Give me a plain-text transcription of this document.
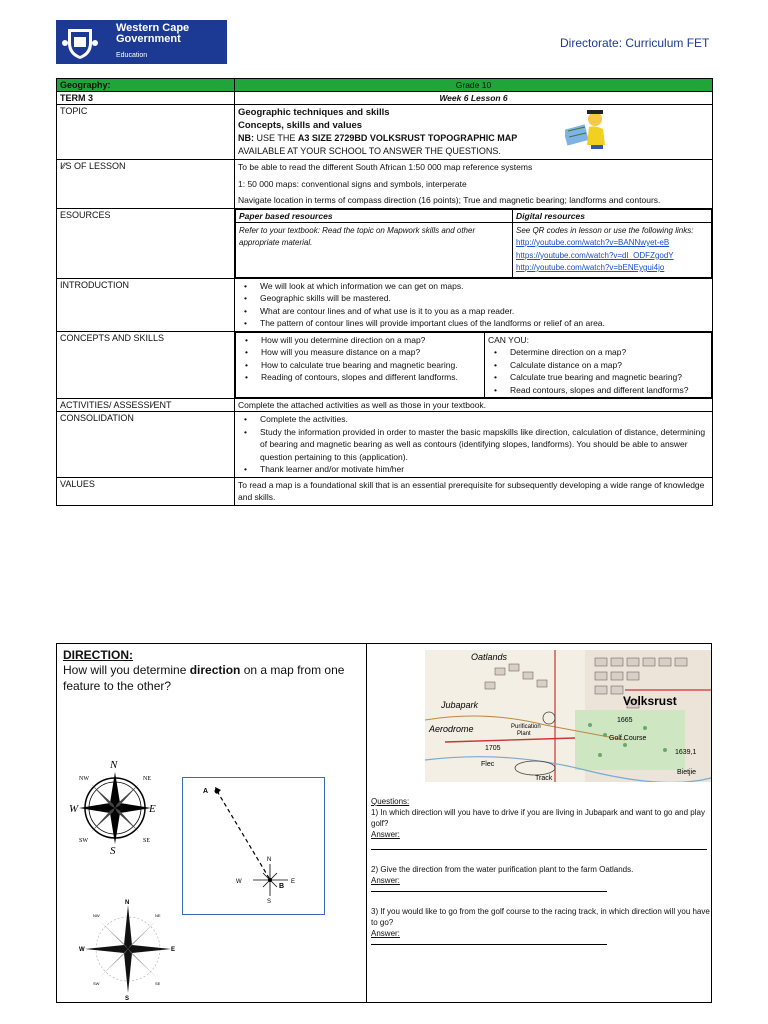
Western Cape
Government
Education
Directorate: Curriculum FET
Geography:	Grade 10
TERM 3	Week 6 Lesson 6
TOPIC	Geographic techniques and skills
Concepts, skills and values
NB: USE THE A3 SIZE 2729BD VOLKSRUST TOPOGRAPHIC MAP
AVAILABLE AT YOUR SCHOOL TO ANSWER THE QUESTIONS.

I⁄⁄S OF LESSON	To be able to read the different South African 1:50 000 map reference systems
1: 50 000 maps: conventional signs and symbols, interperate
Navigate location in terms of compass direction (16 points); True and magnetic bearing; landforms and contours.

ESOURCES		Paper based resources	Digital resources
Refer to your textbook: Read the topic on Mapwork skills and other appropriate material.	
See QR codes in lesson or use the following links:
http://youtube.com/watch?v=BANNwyet-eB
https://youtube.com/watch?v=dI_ODFZgodY
http://youtube.com/watch?v=bENEygui4jo

INTRODUCTION	
•We will look at which information we can get on maps.
• Geographic skills will be mastered.
• What are contour lines and of what use is it to you as a map reader.
• The pattern of contour lines will provide important clues of the landforms or relief of an area.

CONCEPTS AND SKILLS	
•	How will you determine direction on a map?
• How will you measure distance on a map?
• How to calculate true bearing and magnetic bearing.
• Reading of contours, slopes and different landforms.

CAN YOU:
• Determine direction on a map?
• Calculate distance on a map?
• Calculate true bearing and magnetic bearing?
• Read contours, slopes and different landforms?

ACTIVITIES/ ASSESSI⁄ENT	Complete the attached activities as well as those in your textbook.
CONSOLIDATION	
•Complete the activities.
• Study the information provided in order to master the basic mapskills like direction, calculation of distance, determining of bearing and magnetic bearing as well as contours (identifying slopes, landforms). You should be able to answer question pertaining to this (application).
• Thank learner and/or motivate him/her

VALUES	To read a map is a foundational skill that is an essential prerequisite for subsequently developing a wide range of knowledge and skills.
DIRECTION:
How will you determine direction on a map from one feature to the other?
N
E
S
W
NE
SE
SW
NW
A
N
E
S
W
B
N
E
S
W
NE
SE
SW
NW
Oatlands
Volksrust
Jubapark
Aerodrome	Purification
Plant
Golf Course
Track
1665
1705
1639,1
Bietjie
Flec
Questions:
1) In which direction will you have to drive if you are living in Jubapark and want to go and play golf?
Answer:
2) Give the direction from the water purification plant to the farm Oatlands.
Answer:
3) If you would like to go from the golf course to the racing track, in which direction will you have to go?
Answer:
